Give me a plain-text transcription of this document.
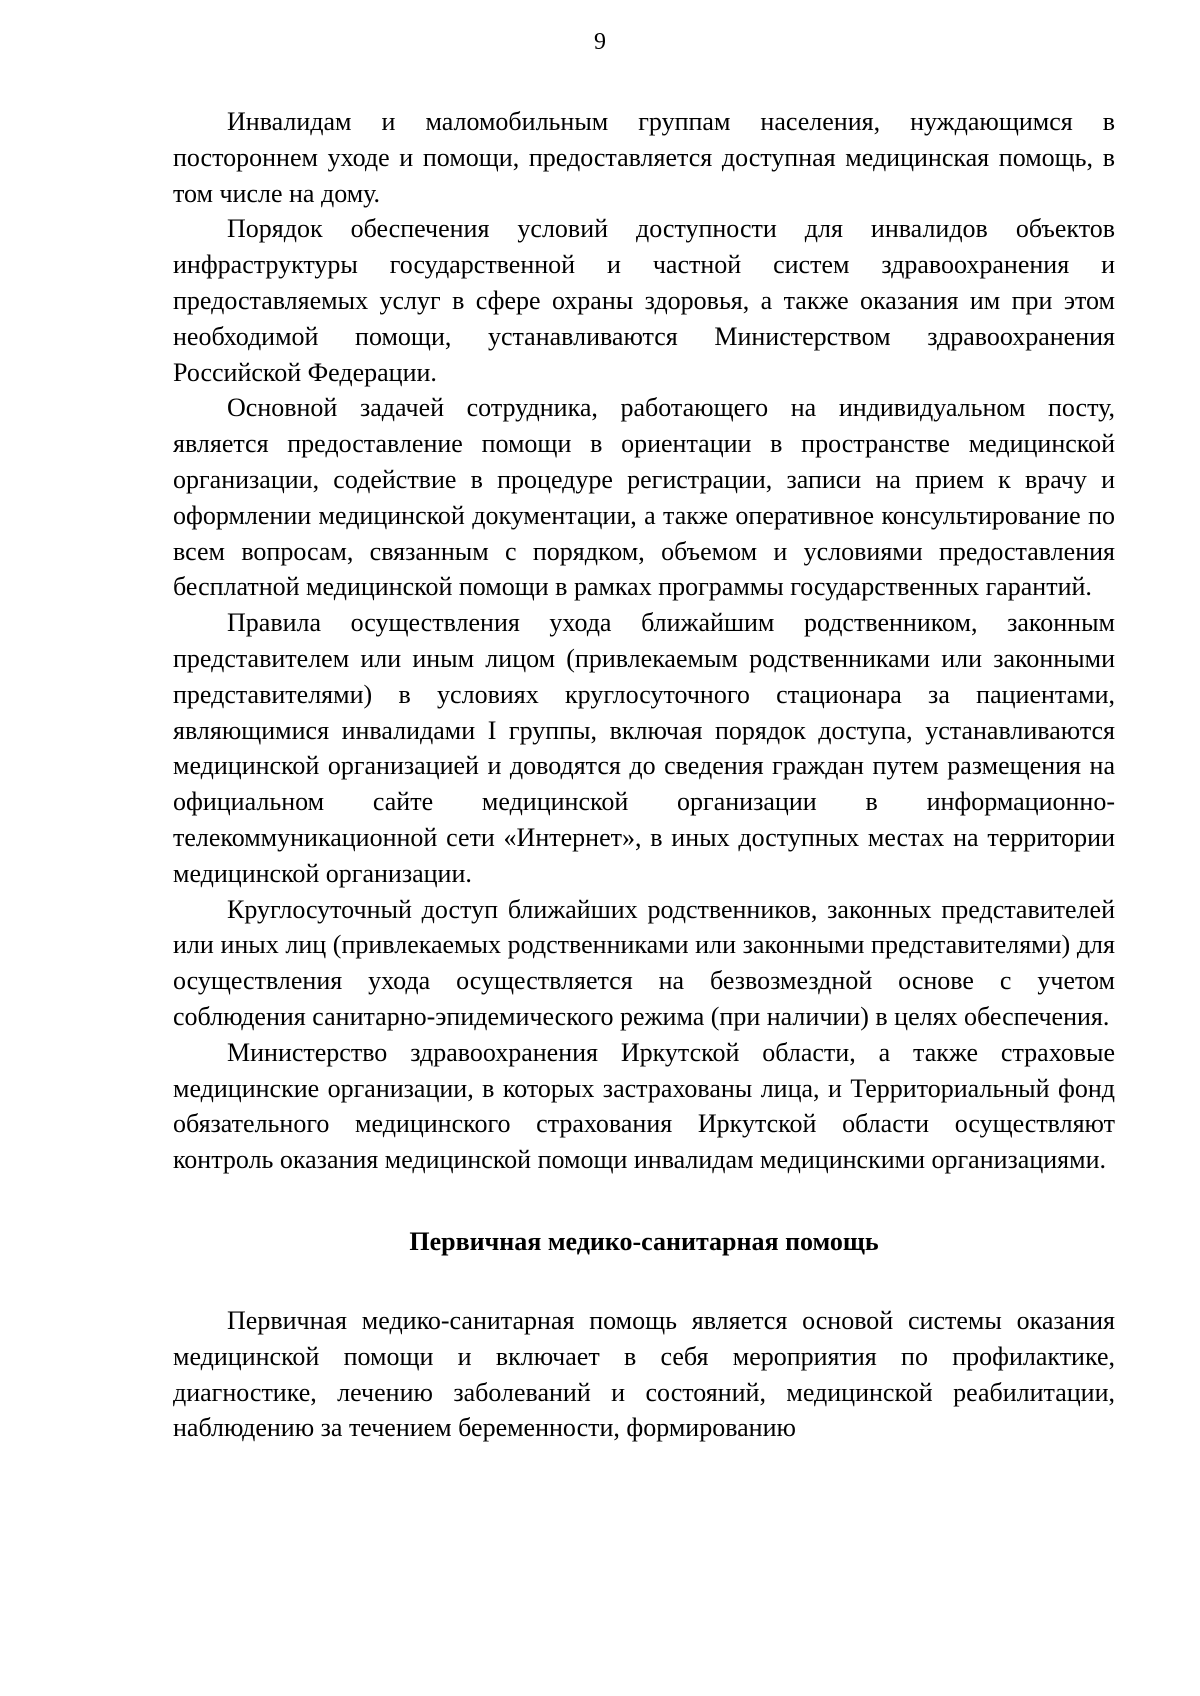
9

Инвалидам и маломобильным группам населения, нуждающимся в постороннем уходе и помощи, предоставляется доступная медицинская помощь, в том числе на дому.

Порядок обеспечения условий доступности для инвалидов объектов инфраструктуры государственной и частной систем здравоохранения и предоставляемых услуг в сфере охраны здоровья, а также оказания им при этом необходимой помощи, устанавливаются Министерством здравоохранения Российской Федерации.

Основной задачей сотрудника, работающего на индивидуальном посту, является предоставление помощи в ориентации в пространстве медицинской организации, содействие в процедуре регистрации, записи на прием к врачу и оформлении медицинской документации, а также оперативное консультирование по всем вопросам, связанным с порядком, объемом и условиями предоставления бесплатной медицинской помощи в рамках программы государственных гарантий.

Правила осуществления ухода ближайшим родственником, законным представителем или иным лицом (привлекаемым родственниками или законными представителями) в условиях круглосуточного стационара за пациентами, являющимися инвалидами I группы, включая порядок доступа, устанавливаются медицинской организацией и доводятся до сведения граждан путем размещения на официальном сайте медицинской организации в информационно-телекоммуникационной сети «Интернет», в иных доступных местах на территории медицинской организации.

Круглосуточный доступ ближайших родственников, законных представителей или иных лиц (привлекаемых родственниками или законными представителями) для осуществления ухода осуществляется на безвозмездной основе с учетом соблюдения санитарно-эпидемического режима (при наличии) в целях обеспечения.

Министерство здравоохранения Иркутской области, а также страховые медицинские организации, в которых застрахованы лица, и Территориальный фонд обязательного медицинского страхования Иркутской области осуществляют контроль оказания медицинской помощи инвалидам медицинскими организациями.

Первичная медико-санитарная помощь

Первичная медико-санитарная помощь является основой системы оказания медицинской помощи и включает в себя мероприятия по профилактике, диагностике, лечению заболеваний и состояний, медицинской реабилитации, наблюдению за течением беременности, формированию
